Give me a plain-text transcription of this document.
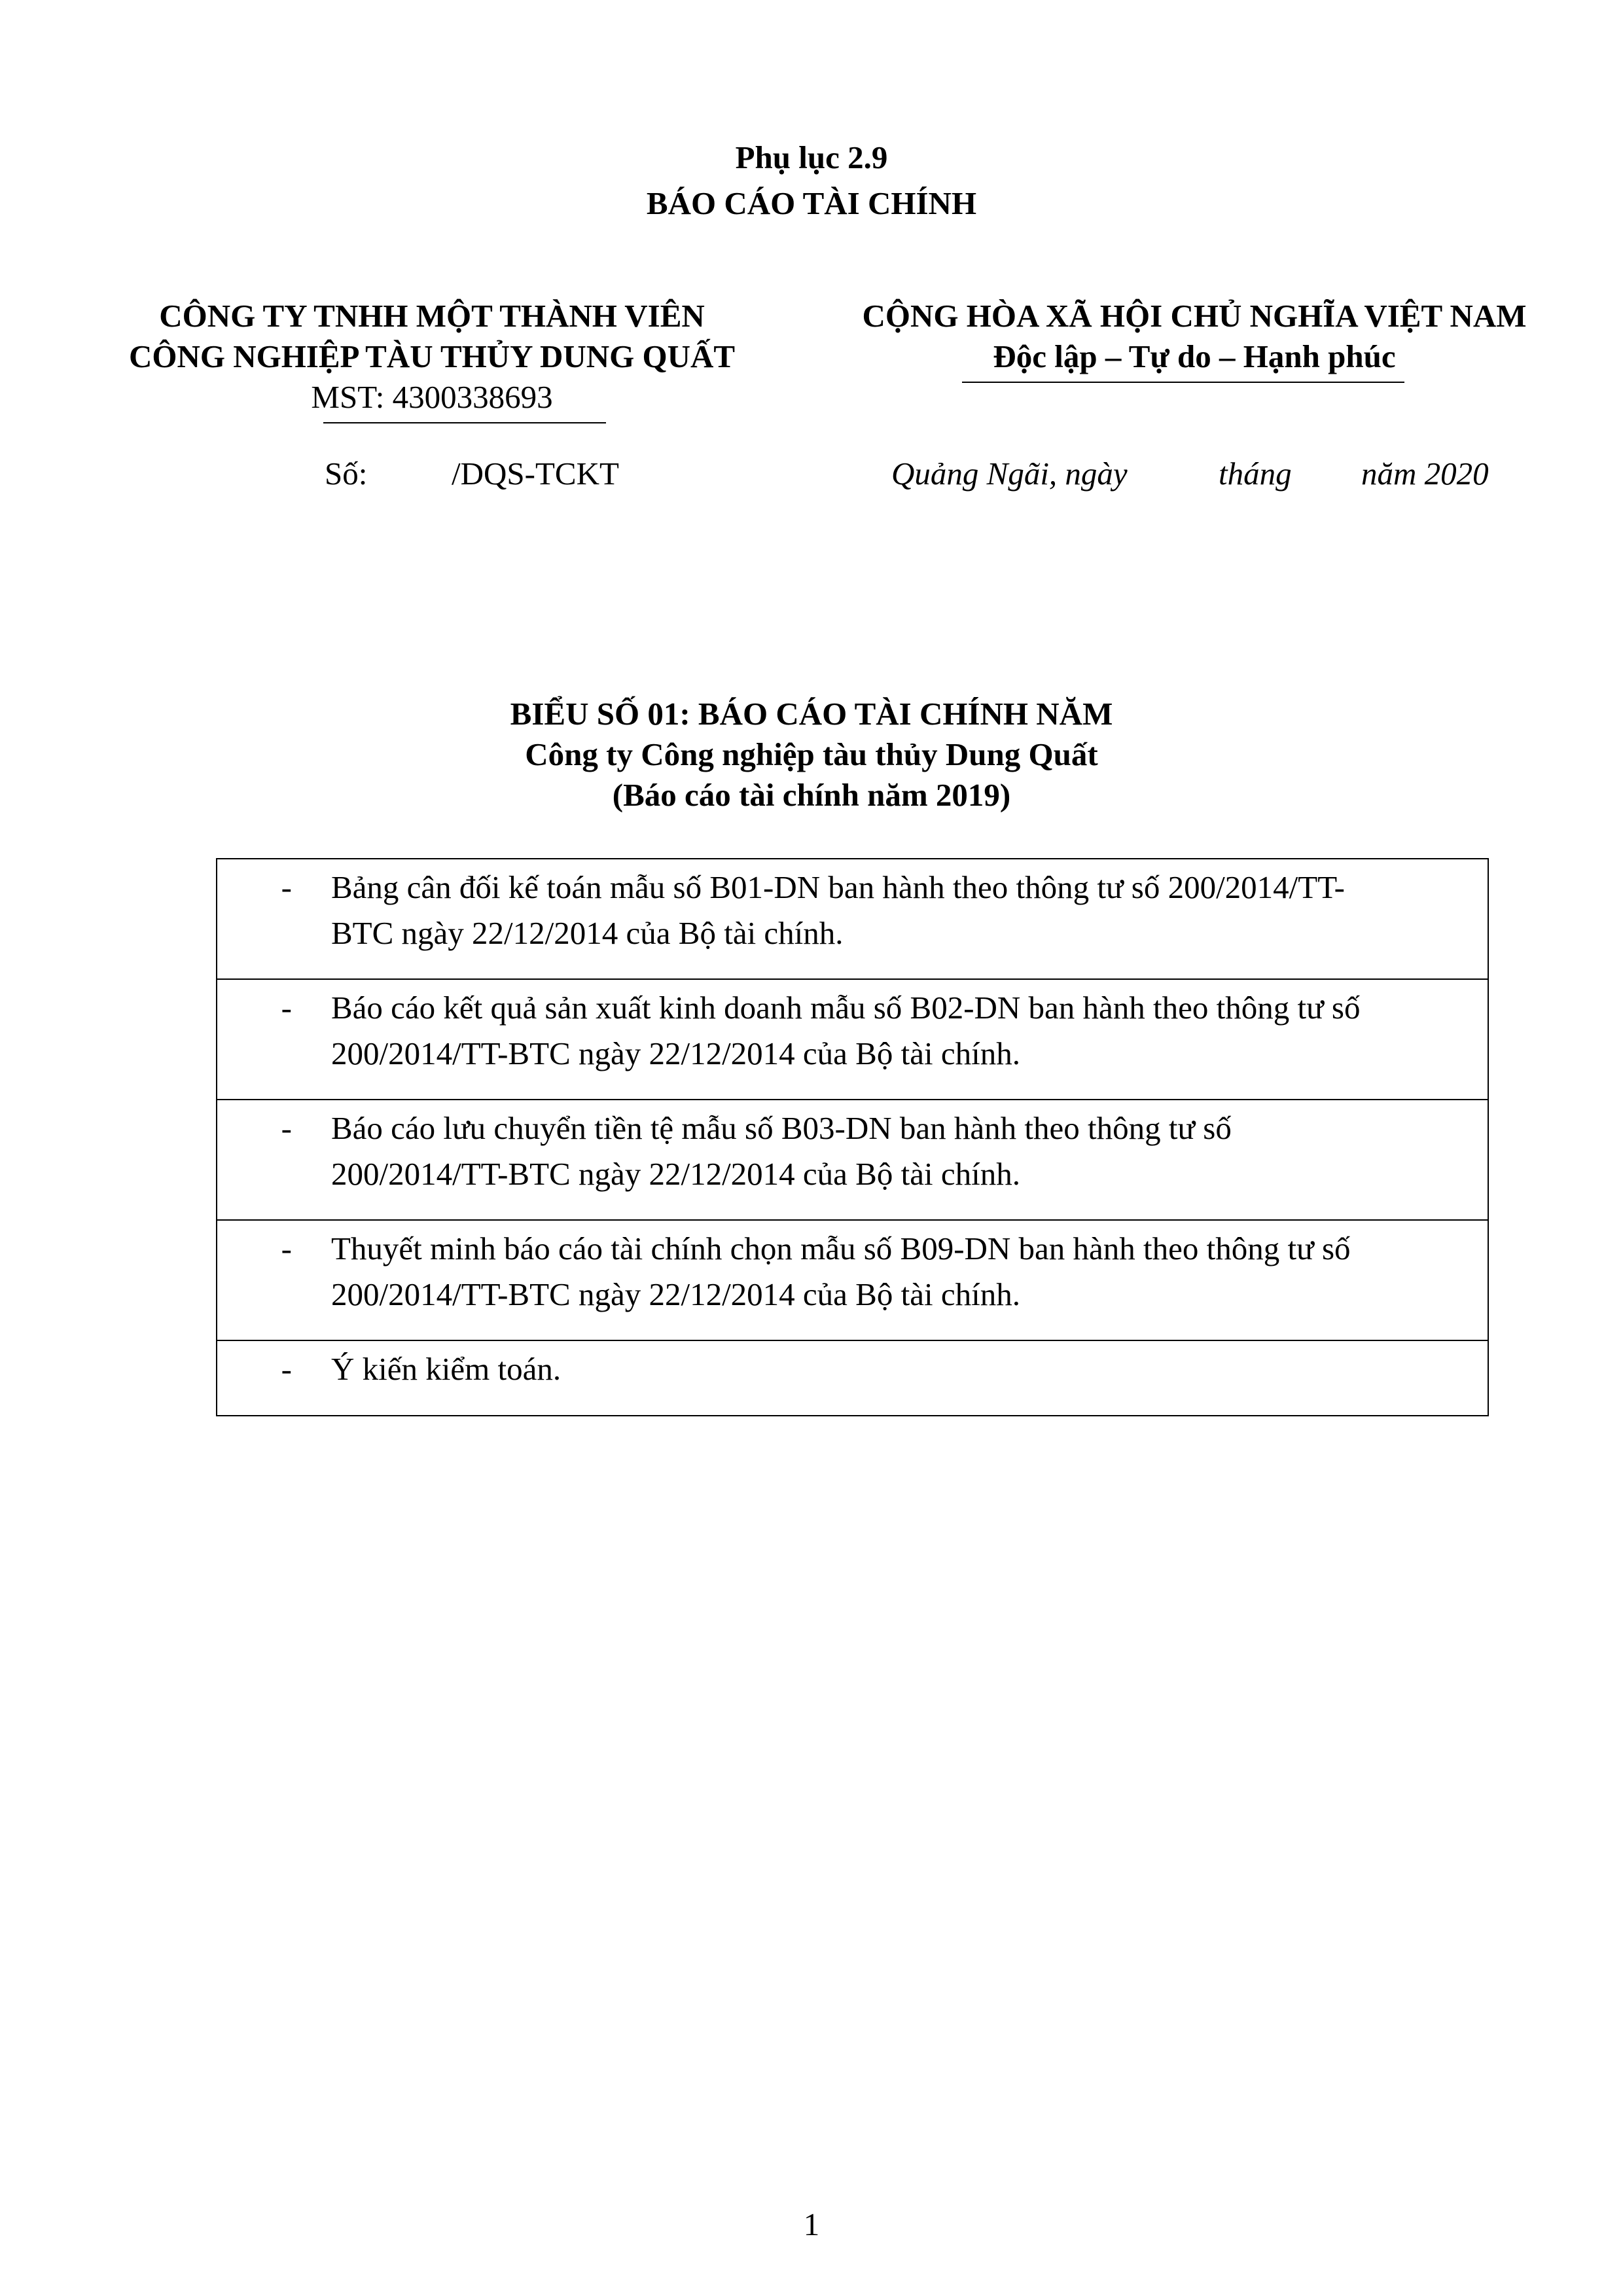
Phụ lục 2.9
BÁO CÁO TÀI CHÍNH
CÔNG TY TNHH MỘT THÀNH VIÊN
CÔNG NGHIỆP TÀU THỦY DUNG QUẤT
MST: 4300338693
CỘNG HÒA XÃ HỘI CHỦ NGHĨA VIỆT NAM
Độc lập – Tự do – Hạnh phúc
Số:	/DQS-TCKT	Quảng Ngãi, ngày	tháng năm 2020
BIỂU SỐ 01: BÁO CÁO TÀI CHÍNH NĂM
Công ty Công nghiệp tàu thủy Dung Quất
(Báo cáo tài chính năm 2019)
-	Bảng cân đối kế toán mẫu số B01-DN ban hành theo thông tư số 200/2014/TT-
BTC ngày 22/12/2014 của Bộ tài chính.

-	Báo cáo kết quả sản xuất kinh doanh mẫu số B02-DN ban hành theo thông tư số
200/2014/TT-BTC ngày 22/12/2014 của Bộ tài chính.

-	Báo cáo lưu chuyển tiền tệ mẫu số B03-DN ban hành theo thông tư số
200/2014/TT-BTC ngày 22/12/2014 của Bộ tài chính.

-	Thuyết minh báo cáo tài chính chọn mẫu số B09-DN ban hành theo thông tư số
200/2014/TT-BTC ngày 22/12/2014 của Bộ tài chính.

-	Ý kiến kiểm toán.
1
